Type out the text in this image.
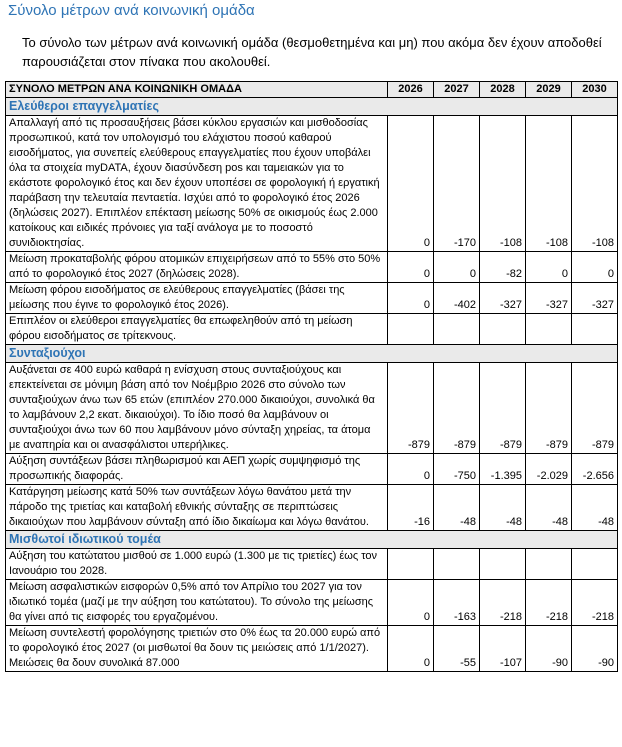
Σύνολο μέτρων ανά κοινωνική ομάδα
Το σύνολο των μέτρων ανά κοινωνική ομάδα (θεσμοθετημένα και μη) που ακόμα δεν έχουν αποδοθεί παρουσιάζεται στον πίνακα που ακολουθεί.
ΣΥΝΟΛΟ ΜΕΤΡΩΝ ΑΝΑ ΚΟΙΝΩΝΙΚΗ ΟΜΑΔΑ	2026	2027	2028	2029	2030
Ελεύθεροι επαγγελματίες					
Απαλλαγή από τις προσαυξήσεις βάσει κύκλου εργασιών και μισθοδοσίας προσωπικού, κατά τον υπολογισμό του ελάχιστου ποσού καθαρού εισοδήματος, για συνεπείς ελεύθερους επαγγελματίες που έχουν υποβάλει όλα τα στοιχεία myDATA, έχουν διασύνδεση pos και ταμειακών για το εκάστοτε φορολογικό έτος και δεν έχουν υποπέσει σε φορολογική ή εργατική παράβαση την τελευταία πενταετία. Ισχύει από το φορολογικό έτος 2026 (δηλώσεις 2027). Επιπλέον επέκταση μείωσης 50% σε οικισμούς έως 2.000 κατοίκους και ειδικές πρόνοιες για ταξί ανάλογα με το ποσοστό συνιδιοκτησίας.	0	-170	-108	-108	-108
Μείωση προκαταβολής φόρου ατομικών επιχειρήσεων από το 55% στο 50% από το φορολογικό έτος 2027 (δηλώσεις 2028).	0	0	-82	0	0
Μείωση φόρου εισοδήματος σε ελεύθερους επαγγελματίες (βάσει της μείωσης που έγινε το φορολογικό έτος 2026).	0	-402	-327	-327	-327
Επιπλέον οι ελεύθεροι επαγγελματίες θα επωφεληθούν από τη μείωση φόρου εισοδήματος σε τρίτεκνους.					
Συνταξιούχοι					
Αυξάνεται σε 400 ευρώ καθαρά η ενίσχυση στους συνταξιούχους και επεκτείνεται σε μόνιμη βάση από τον Νοέμβριο 2026 στο σύνολο των συνταξιούχων άνω των 65 ετών (επιπλέον 270.000 δικαιούχοι, συνολικά θα το λαμβάνουν 2,2 εκατ. δικαιούχοι). Το ίδιο ποσό θα λαμβάνουν οι συνταξιούχοι άνω των 60 που λαμβάνουν μόνο σύνταξη χηρείας, τα άτομα με αναπηρία και οι ανασφάλιστοι υπερήλικες.	-879	-879	-879	-879	-879
Αύξηση συντάξεων βάσει πληθωρισμού και ΑΕΠ χωρίς συμψηφισμό της προσωπικής διαφοράς.	0	-750	-1.395	-2.029	-2.656
Κατάργηση μείωσης κατά 50% των συντάξεων λόγω θανάτου μετά την πάροδο της τριετίας και καταβολή εθνικής σύνταξης σε περιπτώσεις δικαιούχων που λαμβάνουν σύνταξη από ίδιο δικαίωμα και λόγω θανάτου.	-16	-48	-48	-48	-48
Μισθωτοί ιδιωτικού τομέα					
Αύξηση του κατώτατου μισθού σε 1.000 ευρώ (1.300 με τις τριετίες) έως τον Ιανουάριο του 2028.					
Μείωση ασφαλιστικών εισφορών 0,5% από τον Απρίλιο του 2027 για τον ιδιωτικό τομέα (μαζί με την αύξηση του κατώτατου). Το σύνολο της μείωσης θα γίνει από τις εισφορές του εργαζομένου.	0	-163	-218	-218	-218
Μείωση συντελεστή φορολόγησης τριετιών στο 0% έως τα 20.000 ευρώ από το φορολογικό έτος 2027 (οι μισθωτοί θα δουν τις μειώσεις από 1/1/2027). Μειώσεις θα δουν συνολικά 87.000	0	-55	-107	-90	-90
